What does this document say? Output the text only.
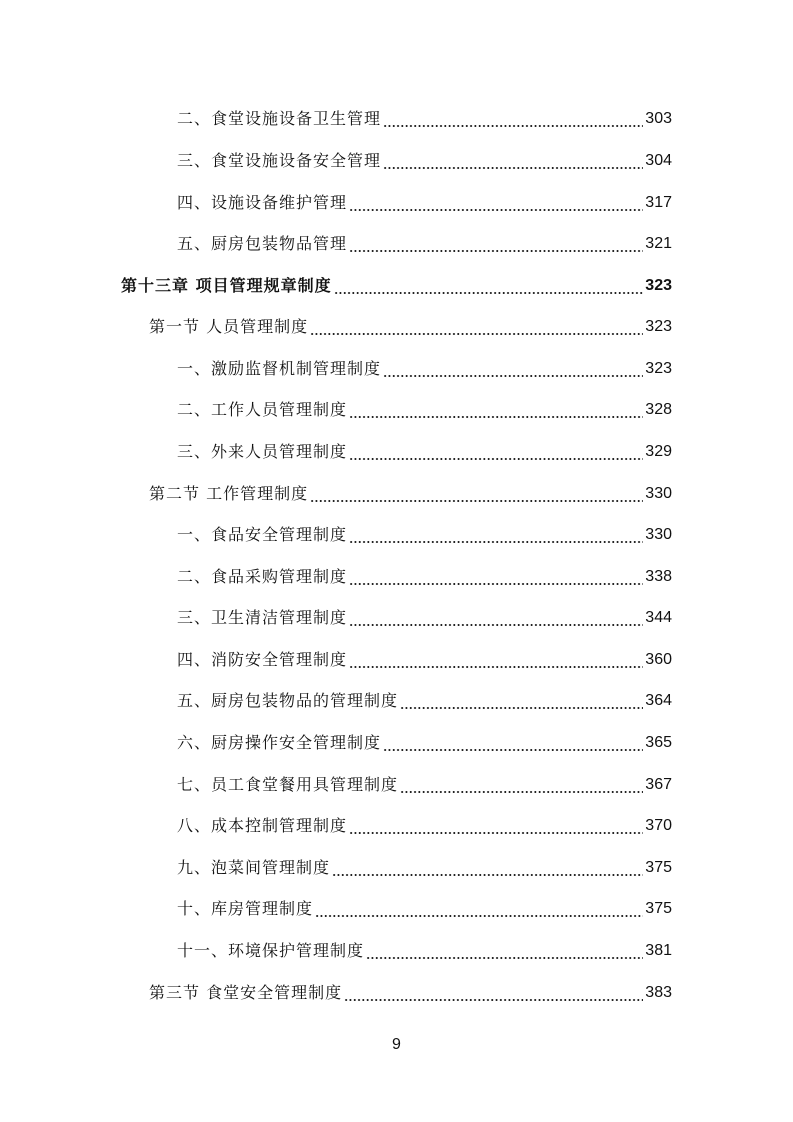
二、食堂设施设备卫生管理	303
三、食堂设施设备安全管理	304
四、设施设备维护管理	317
五、厨房包装物品管理	321
第十三章 项目管理规章制度	323
第一节 人员管理制度	323
一、激励监督机制管理制度	323
二、工作人员管理制度	328
三、外来人员管理制度	329
第二节 工作管理制度	330
一、食品安全管理制度	330
二、食品采购管理制度	338
三、卫生清洁管理制度	344
四、消防安全管理制度	360
五、厨房包装物品的管理制度	364
六、厨房操作安全管理制度	365
七、员工食堂餐用具管理制度	367
八、成本控制管理制度	370
九、泡菜间管理制度	375
十、库房管理制度	375
十一、环境保护管理制度	381
第三节 食堂安全管理制度	383
9
